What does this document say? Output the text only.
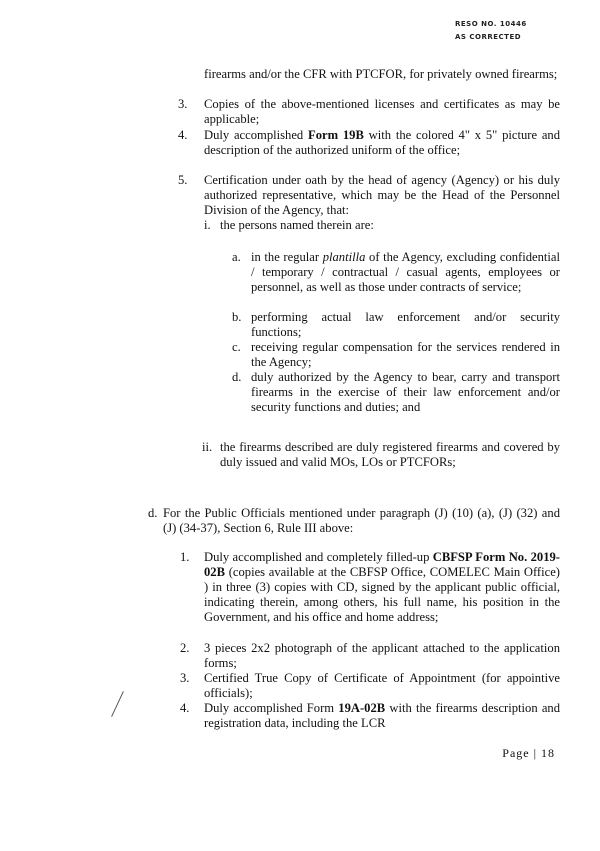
RESO NO. 10446
AS CORRECTED
firearms and/or the CFR with PTCFOR, for privately owned firearms;
3. Copies of the above-mentioned licenses and certificates as may be applicable;
4. Duly accomplished Form 19B with the colored 4" x 5" picture and description of the authorized uniform of the office;
5. Certification under oath by the head of agency (Agency) or his duly authorized representative, which may be the Head of the Personnel Division of the Agency, that:
i. the persons named therein are:
a. in the regular plantilla of the Agency, excluding confidential / temporary / contractual / casual agents, employees or personnel, as well as those under contracts of service;
b. performing actual law enforcement and/or security functions;
c. receiving regular compensation for the services rendered in the Agency;
d. duly authorized by the Agency to bear, carry and transport firearms in the exercise of their law enforcement and/or security functions and duties; and
ii. the firearms described are duly registered firearms and covered by duly issued and valid MOs, LOs or PTCFORs;
d. For the Public Officials mentioned under paragraph (J) (10) (a), (J) (32) and (J) (34-37), Section 6, Rule III above:
1. Duly accomplished and completely filled-up CBFSP Form No. 2019-02B (copies available at the CBFSP Office, COMELEC Main Office) ) in three (3) copies with CD, signed by the applicant public official, indicating therein, among others, his full name, his position in the Government, and his office and home address;
2. 3 pieces 2x2 photograph of the applicant attached to the application forms;
3. Certified True Copy of Certificate of Appointment (for appointive officials);
4. Duly accomplished Form 19A-02B with the firearms description and registration data, including the LCR
Page | 18
